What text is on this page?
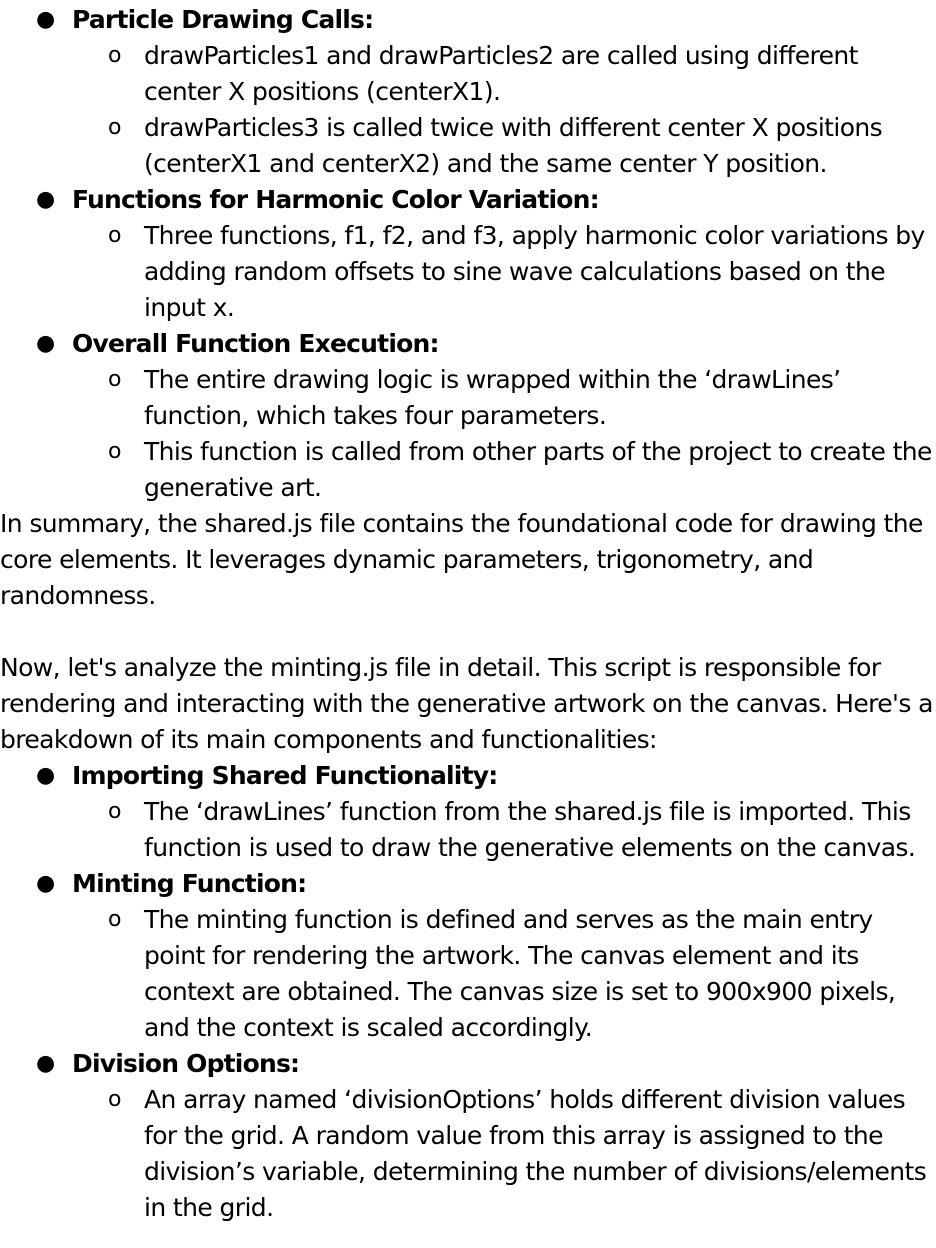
● Particle Drawing Calls:
o drawParticles1 and drawParticles2 are called using different center X positions (centerX1).
o drawParticles3 is called twice with different center X positions (centerX1 and centerX2) and the same center Y position.
● Functions for Harmonic Color Variation:
o Three functions, f1, f2, and f3, apply harmonic color variations by adding random offsets to sine wave calculations based on the input x.
● Overall Function Execution:
o The entire drawing logic is wrapped within the ‘drawLines’ function, which takes four parameters.
o This function is called from other parts of the project to create the generative art.

In summary, the shared.js file contains the foundational code for drawing the core elements. It leverages dynamic parameters, trigonometry, and randomness.

Now, let's analyze the minting.js file in detail. This script is responsible for rendering and interacting with the generative artwork on the canvas. Here's a breakdown of its main components and functionalities:

● Importing Shared Functionality:
o The ‘drawLines’ function from the shared.js file is imported. This function is used to draw the generative elements on the canvas.
● Minting Function:
o The minting function is defined and serves as the main entry point for rendering the artwork. The canvas element and its context are obtained. The canvas size is set to 900x900 pixels, and the context is scaled accordingly.
● Division Options:
o An array named ‘divisionOptions’ holds different division values for the grid. A random value from this array is assigned to the division’s variable, determining the number of divisions/elements in the grid.
